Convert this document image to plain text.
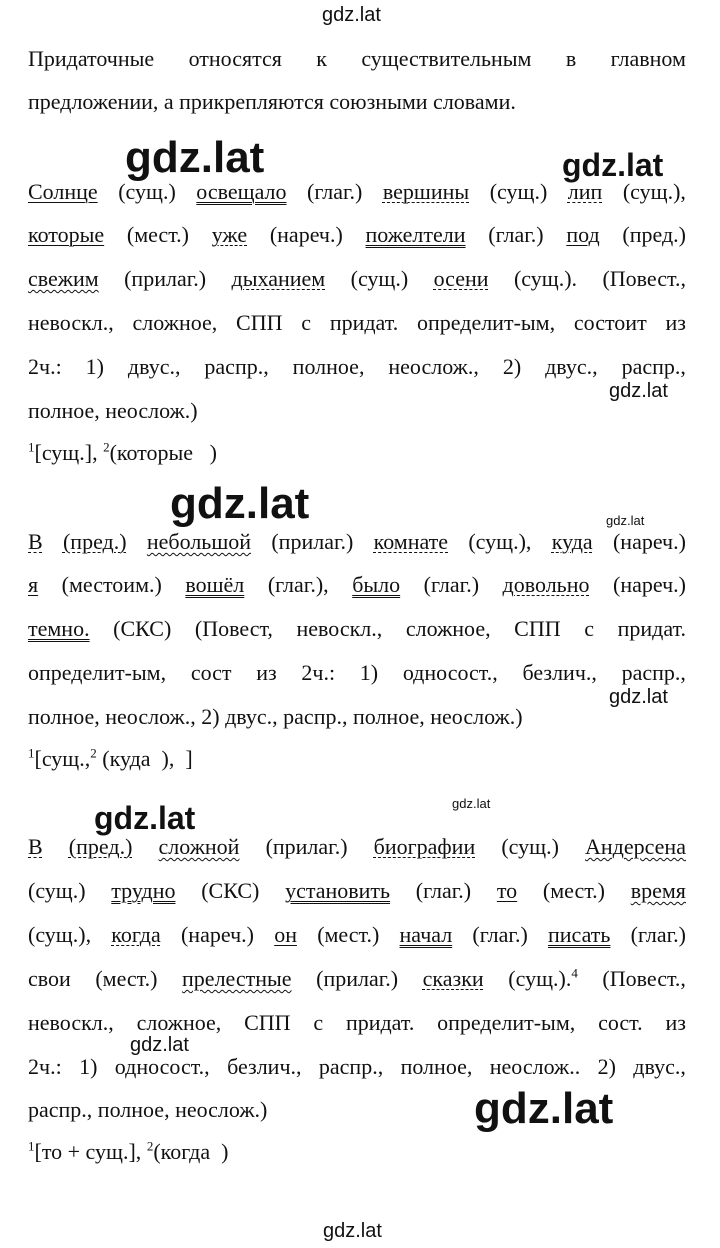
gdz.lat
gdz.lat	gdz.lat
gdz.lat
gdz.lat	gdz.lat
gdz.lat
gdz.lat
gdz.lat
gdz.lat
gdz.lat
gdz.lat
Придаточные относятся к существительным в главном
предложении, а прикрепляются союзными словами.
Солнце (сущ.) освещало (глаг.) вершины (сущ.) лип (сущ.),
которые (мест.) уже (нареч.) пожелтели (глаг.) под (пред.)
свежим (прилаг.) дыханием (сущ.) осени (сущ.). (Повест.,
невоскл., сложное, СПП с придат. определит-ым, состоит из
2ч.: 1) двус., распр., полное, неослож., 2) двус., распр.,
полное, неослож.)
$^1$[сущ.], $^2$(которые )
В (пред.) небольшой (прилаг.) комнате (сущ.), куда (нареч.)
я (местоим.) вошёл (глаг.), было (глаг.) довольно (нареч.)
темно. (СКС) (Повест, невоскл., сложное, СПП с придат.
определит-ым, сост из 2ч.: 1) односост., безлич., распр.,
полное, неослож., 2) двус., распр., полное, неослож.)
$^1$[сущ.,$^2$ (куда ), ]
В (пред.) сложной (прилаг.) биографии (сущ.) Андерсена
(сущ.) трудно (СКС) установить (глаг.) то (мест.) время
(сущ.), когда (нареч.) он (мест.) начал (глаг.) писать (глаг.)
свои (мест.) прелестные (прилаг.) сказки (сущ.).$^4$ (Повест.,
невоскл., сложное, СПП с придат. определит-ым, сост. из
2ч.: 1) односост., безлич., распр., полное, неослож.. 2) двус.,
распр., полное, неослож.)
$^1$[то + сущ.], $^2$(когда )
